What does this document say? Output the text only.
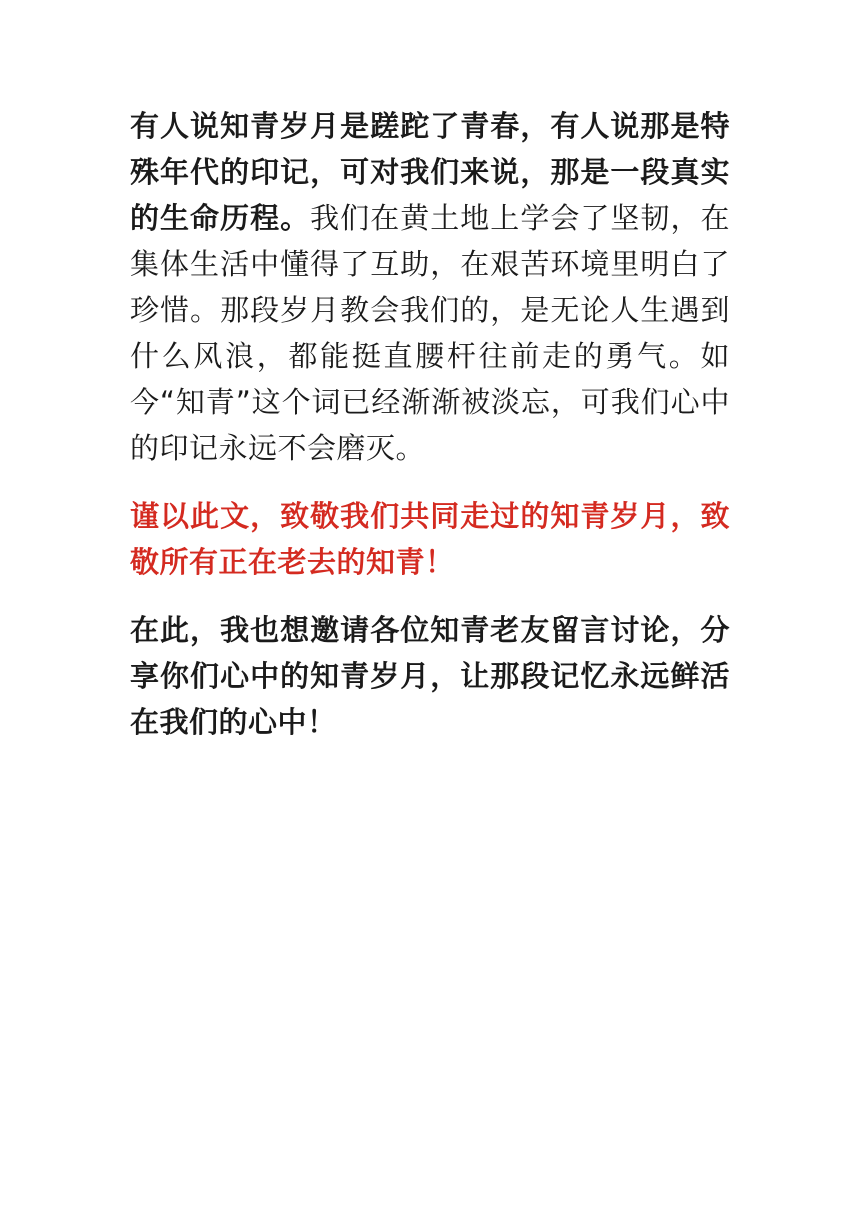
有人说知青岁月是蹉跎了青春，有人说那是特殊年代的印记，可对我们来说，那是一段真实的生命历程。我们在黄土地上学会了坚韧，在集体生活中懂得了互助，在艰苦环境里明白了珍惜。那段岁月教会我们的，是无论人生遇到什么风浪，都能挺直腰杆往前走的勇气。如今“知青”这个词已经渐渐被淡忘，可我们心中的印记永远不会磨灭。

谨以此文，致敬我们共同走过的知青岁月，致敬所有正在老去的知青！

在此，我也想邀请各位知青老友留言讨论，分享你们心中的知青岁月，让那段记忆永远鲜活在我们的心中！
